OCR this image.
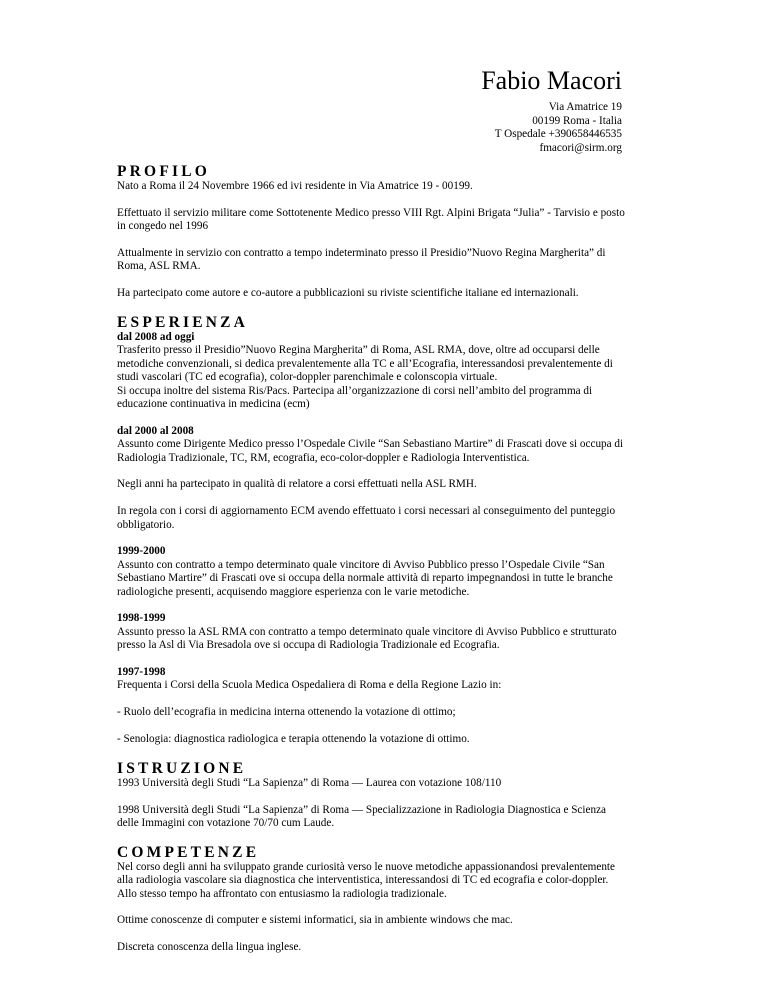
Fabio Macori
Via Amatrice 19
00199 Roma - Italia
T Ospedale +390658446535
fmacori@sirm.org
PROFILO

Nato a Roma il 24 Novembre 1966 ed ivi residente in Via Amatrice 19 - 00199.

Effettuato il servizio militare come Sottotenente Medico presso VIII Rgt. Alpini Brigata “Julia” - Tarvisio e posto
in congedo nel 1996

Attualmente in servizio con contratto a tempo indeterminato presso il Presidio”Nuovo Regina Margherita” di
Roma, ASL RMA.

Ha partecipato come autore e co-autore a pubblicazioni su riviste scientifiche italiane ed internazionali.

ESPERIENZA

dal 2008 ad oggi
Trasferito presso il Presidio”Nuovo Regina Margherita” di Roma, ASL RMA, dove, oltre ad occuparsi delle
metodiche convenzionali, si dedica prevalentemente alla TC e all’Ecografia, interessandosi prevalentemente di
studi vascolari (TC ed ecografia), color-doppler parenchimale e colonscopia virtuale.
Si occupa inoltre del sistema Ris/Pacs. Partecipa all’organizzazione di corsi nell’ambito del programma di
educazione continuativa in medicina (ecm)

dal 2000 al 2008
Assunto come Dirigente Medico presso l’Ospedale Civile “San Sebastiano Martire” di Frascati dove si occupa di
Radiologia Tradizionale, TC, RM, ecografia, eco-color-doppler e Radiologia Interventistica.

Negli anni ha partecipato in qualità di relatore a corsi effettuati nella ASL RMH.

In regola con i corsi di aggiornamento ECM avendo effettuato i corsi necessari al conseguimento del punteggio
obbligatorio.

1999-2000
Assunto con contratto a tempo determinato quale vincitore di Avviso Pubblico presso l’Ospedale Civile “San
Sebastiano Martire” di Frascati ove si occupa della normale attività di reparto impegnandosi in tutte le branche
radiologiche presenti, acquisendo maggiore esperienza con le varie metodiche.

1998-1999
Assunto presso la ASL RMA con contratto a tempo determinato quale vincitore di Avviso Pubblico e strutturato
presso la Asl di Via Bresadola ove si occupa di Radiologia Tradizionale ed Ecografia.

1997-1998
Frequenta i Corsi della Scuola Medica Ospedaliera di Roma e della Regione Lazio in:

- Ruolo dell’ecografia in medicina interna ottenendo la votazione di ottimo;

- Senologia: diagnostica radiologica e terapia ottenendo la votazione di ottimo.

ISTRUZIONE

1993 Università degli Studi “La Sapienza” di Roma — Laurea con votazione 108/110

1998 Università degli Studi “La Sapienza” di Roma — Specializzazione in Radiologia Diagnostica e Scienza
delle Immagini con votazione 70/70 cum Laude.

COMPETENZE

Nel corso degli anni ha sviluppato grande curiosità verso le nuove metodiche appassionandosi prevalentemente
alla radiologia vascolare sia diagnostica che interventistica, interessandosi di TC ed ecografia e color-doppler.
Allo stesso tempo ha affrontato con entusiasmo la radiologia tradizionale.

Ottime conoscenze di computer e sistemi informatici, sia in ambiente windows che mac.

Discreta conoscenza della lingua inglese.
